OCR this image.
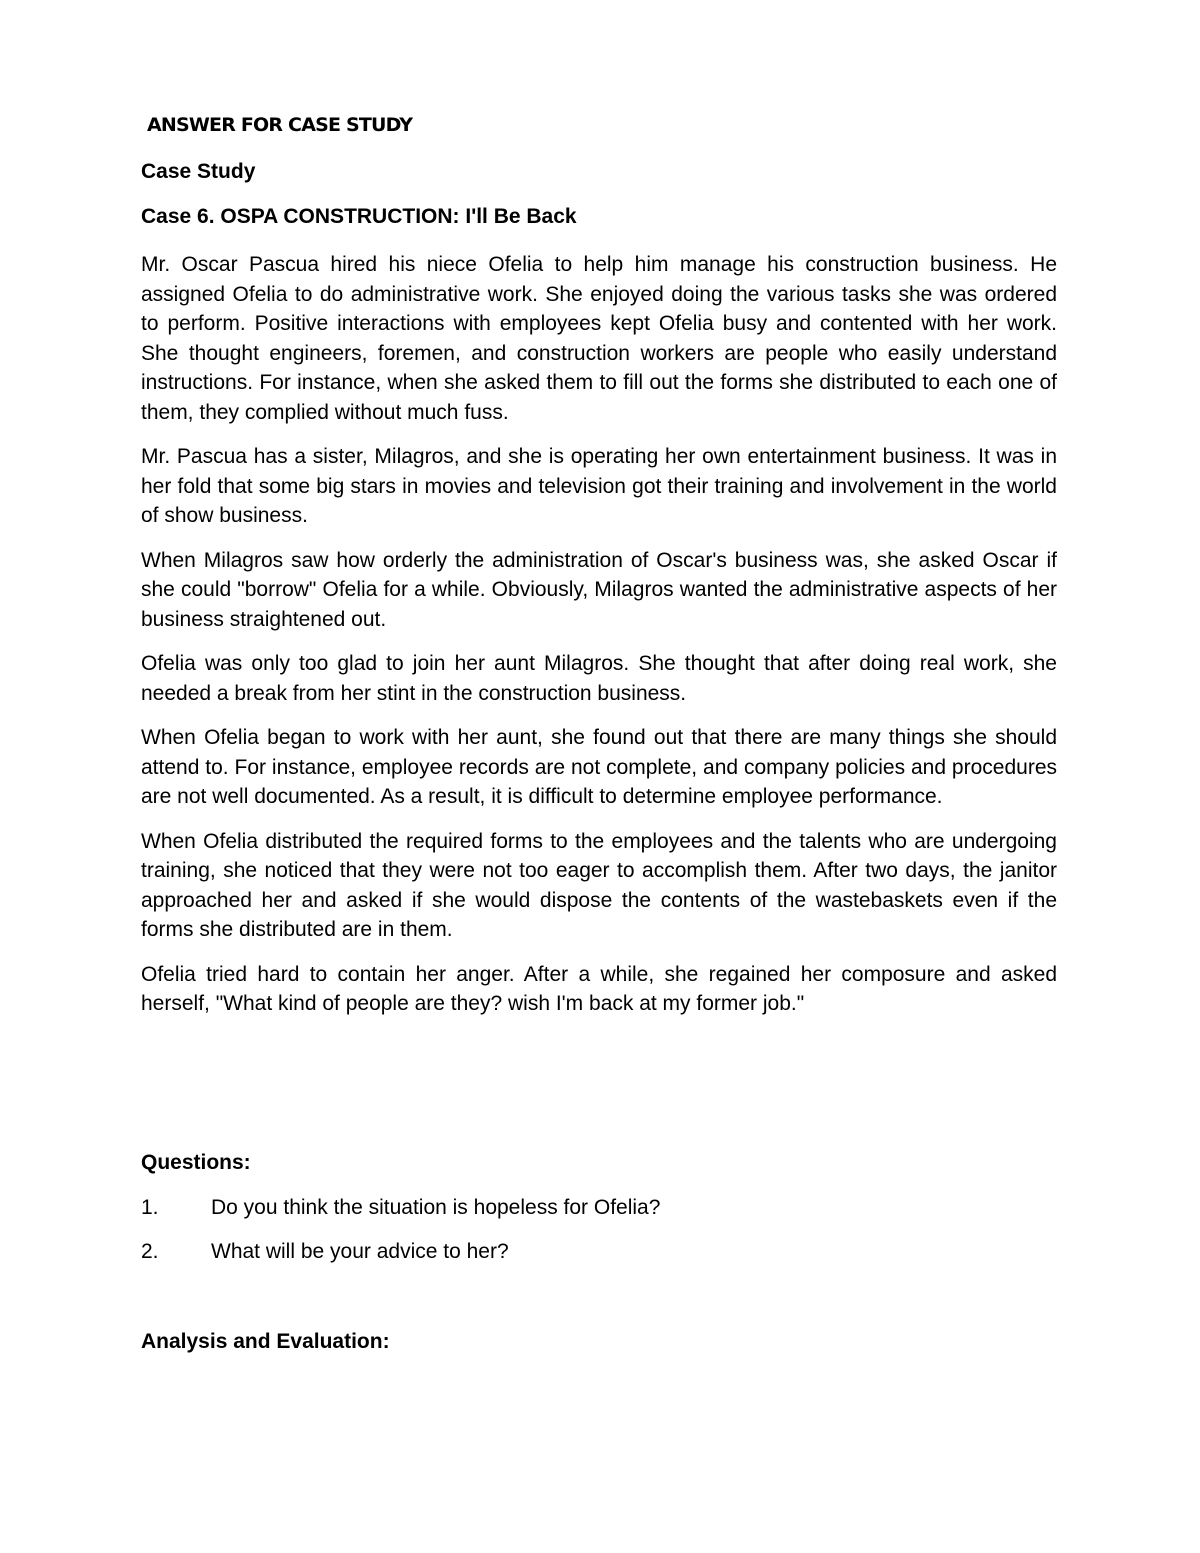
ANSWER FOR CASE STUDY
Case Study
Case 6. OSPA CONSTRUCTION: I'll Be Back

Mr. Oscar Pascua hired his niece Ofelia to help him manage his construction business. He assigned Ofelia to do administrative work. She enjoyed doing the various tasks she was ordered to perform. Positive interactions with employees kept Ofelia busy and contented with her work. She thought engineers, foremen, and construction workers are people who easily understand instructions. For instance, when she asked them to fill out the forms she distributed to each one of them, they complied without much fuss.

Mr. Pascua has a sister, Milagros, and she is operating her own entertainment business. It was in her fold that some big stars in movies and television got their training and involvement in the world of show business.

When Milagros saw how orderly the administration of Oscar's business was, she asked Oscar if she could "borrow" Ofelia for a while. Obviously, Milagros wanted the administrative aspects of her business straightened out.

Ofelia was only too glad to join her aunt Milagros. She thought that after doing real work, she needed a break from her stint in the construction business.

When Ofelia began to work with her aunt, she found out that there are many things she should attend to. For instance, employee records are not complete, and company policies and procedures are not well documented. As a result, it is difficult to determine employee performance.

When Ofelia distributed the required forms to the employees and the talents who are undergoing training, she noticed that they were not too eager to accomplish them. After two days, the janitor approached her and asked if she would dispose the contents of the wastebaskets even if the forms she distributed are in them.

Ofelia tried hard to contain her anger. After a while, she regained her composure and asked herself, "What kind of people are they? wish I'm back at my former job."

Questions:
1.	Do you think the situation is hopeless for Ofelia?
2.	What will be your advice to her?
Analysis and Evaluation:
